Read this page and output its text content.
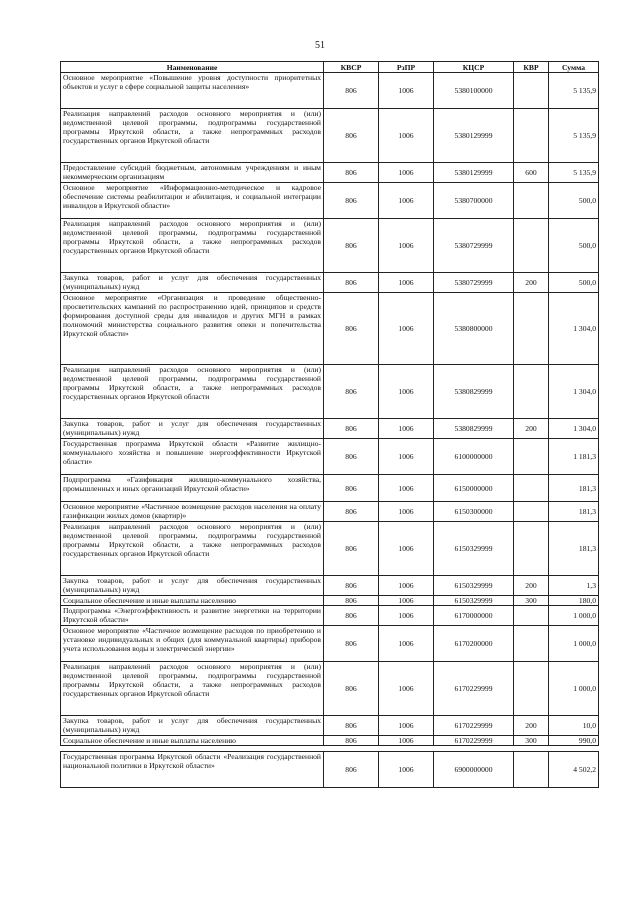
51
Наименование	КВСР	РзПР	КЦСР	КВР	Сумма
Основное мероприятие «Повышение уровня доступности приоритетных объектов и услуг в сфере социальной защиты населения»	806	1006	5380100000		5 135,9
Реализация направлений расходов основного мероприятия и (или) ведомственной целевой программы, подпрограммы государственной программы Иркутской области, а также непрограммных расходов государственных органов Иркутской области	806	1006	5380129999		5 135,9
Предоставление субсидий бюджетным, автономным учреждениям и иным некоммерческим организациям	806	1006	5380129999	600	5 135,9
Основное мероприятие «Информационно-методическое и кадровое обеспечение системы реабилитации и абилитация, и социальной интеграции инвалидов в Иркутской области»	806	1006	5380700000		500,0
Реализация направлений расходов основного мероприятия и (или) ведомственной целевой программы, подпрограммы государственной программы Иркутской области, а также непрограммных расходов государственных органов Иркутской области	806	1006	5380729999		500,0
Закупка товаров, работ и услуг для обеспечения государственных (муниципальных) нужд	806	1006	5380729999	200	500,0
Основное мероприятие «Организация и проведение общественно-просветительских кампаний по распространению идей, принципов и средств формирования доступной среды для инвалидов и других МГН в рамках полномочий министерства социального развития опеки и попечительства Иркутской области»	806	1006	5380800000		1 304,0
Реализация направлений расходов основного мероприятия и (или) ведомственной целевой программы, подпрограммы государственной программы Иркутской области, а также непрограммных расходов государственных органов Иркутской области	806	1006	5380829999		1 304,0
Закупка товаров, работ и услуг для обеспечения государственных (муниципальных) нужд	806	1006	5380829999	200	1 304,0
Государственная программа Иркутской области «Развитие жилищно-коммунального хозяйства и повышение энергоэффективности Иркутской области»	806	1006	6100000000		1 181,3
Подпрограмма «Газификация жилищно-коммунального хозяйства, промышленных и иных организаций Иркутской области»	806	1006	6150000000		181,3
Основное мероприятие «Частичное возмещение расходов населения на оплату газификации жилых домов (квартир)»	806	1006	6150300000		181,3
Реализация направлений расходов основного мероприятия и (или) ведомственной целевой программы, подпрограммы государственной программы Иркутской области, а также непрограммных расходов государственных органов Иркутской области	806	1006	6150329999		181,3
Закупка товаров, работ и услуг для обеспечения государственных (муниципальных) нужд	806	1006	6150329999	200	1,3
Социальное обеспечение и иные выплаты населению	806	1006	6150329999	300	180,0
Подпрограмма «Энергоэффективность и развитие энергетики на территории Иркутской области»	806	1006	6170000000		1 000,0
Основное мероприятие «Частичное возмещение расходов по приобретению и установке индивидуальных и общих (для коммунальной квартиры) приборов учета использования воды и электрической энергии»	806	1006	6170200000		1 000,0
Реализация направлений расходов основного мероприятия и (или) ведомственной целевой программы, подпрограммы государственной программы Иркутской области, а также непрограммных расходов государственных органов Иркутской области	806	1006	6170229999		1 000,0
Закупка товаров, работ и услуг для обеспечения государственных (муниципальных) нужд	806	1006	6170229999	200	10,0
Социальное обеспечение и иные выплаты населению	806	1006	6170229999	300	990,0

Государственная программа Иркутской области «Реализация государственной национальной политики в Иркутской области»	806	1006	6900000000		4 502,2
